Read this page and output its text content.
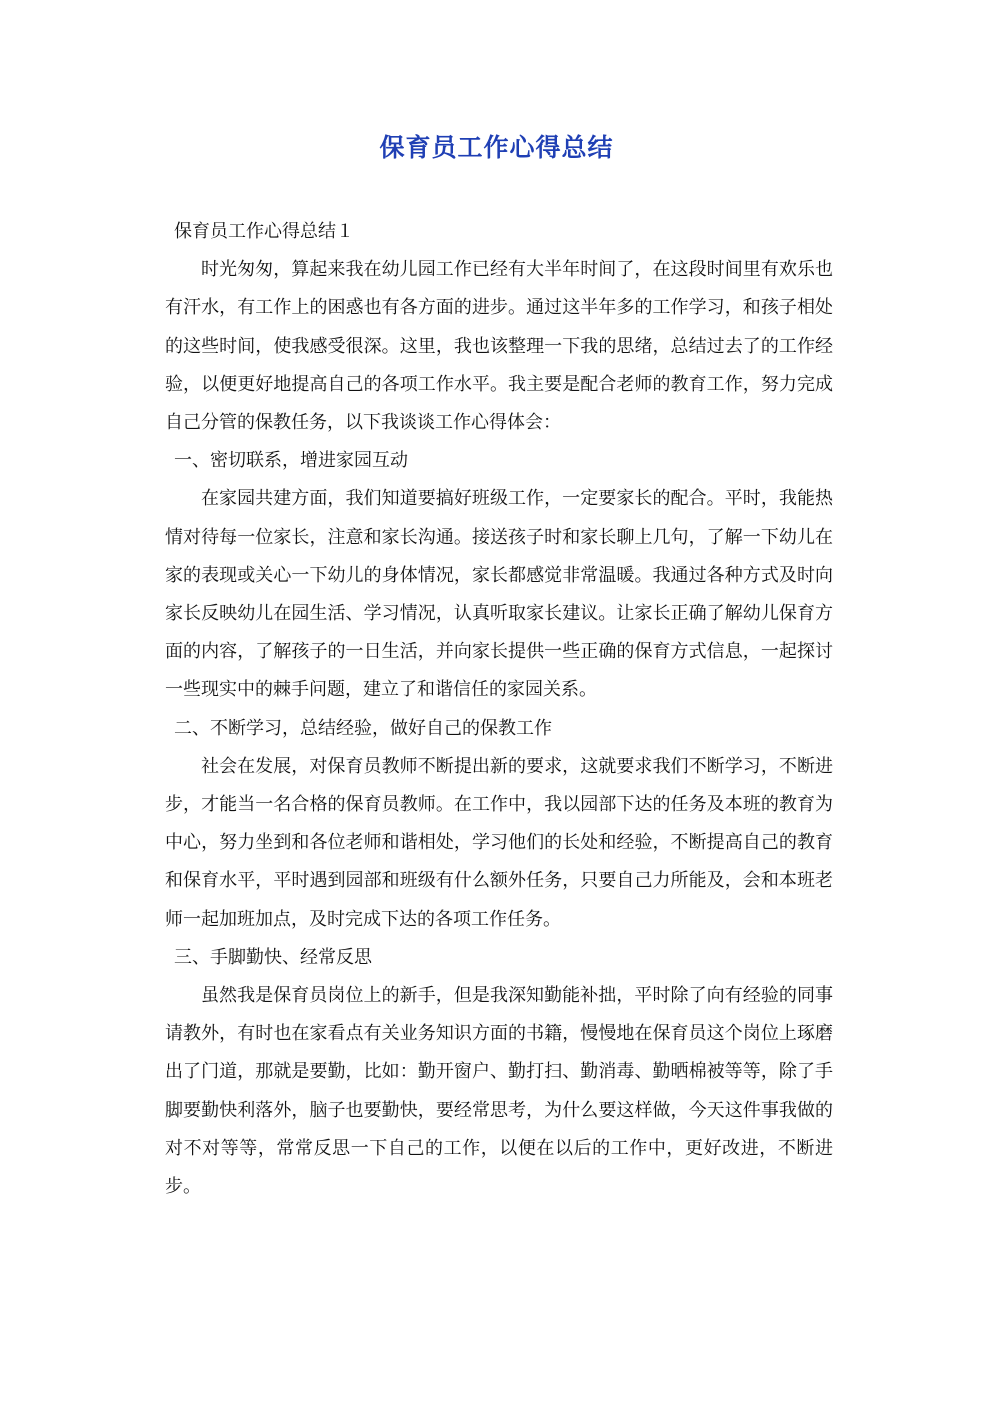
保育员工作心得总结

保育员工作心得总结１

时光匆匆，算起来我在幼儿园工作已经有大半年时间了，在这段时间里有欢乐也有汗水，有工作上的困惑也有各方面的进步。通过这半年多的工作学习，和孩子相处的这些时间，使我感受很深。这里，我也该整理一下我的思绪，总结过去了的工作经验，以便更好地提高自己的各项工作水平。我主要是配合老师的教育工作，努力完成自己分管的保教任务，以下我谈谈工作心得体会：

一、密切联系，增进家园互动

在家园共建方面，我们知道要搞好班级工作，一定要家长的配合。平时，我能热情对待每一位家长，注意和家长沟通。接送孩子时和家长聊上几句，了解一下幼儿在家的表现或关心一下幼儿的身体情况，家长都感觉非常温暖。我通过各种方式及时向家长反映幼儿在园生活、学习情况，认真听取家长建议。让家长正确了解幼儿保育方面的内容，了解孩子的一日生活，并向家长提供一些正确的保育方式信息，一起探讨一些现实中的棘手问题，建立了和谐信任的家园关系。

二、不断学习，总结经验，做好自己的保教工作

社会在发展，对保育员教师不断提出新的要求，这就要求我们不断学习，不断进步，才能当一名合格的保育员教师。在工作中，我以园部下达的任务及本班的教育为中心，努力坐到和各位老师和谐相处，学习他们的长处和经验，不断提高自己的教育和保育水平，平时遇到园部和班级有什么额外任务，只要自己力所能及，会和本班老师一起加班加点，及时完成下达的各项工作任务。

三、手脚勤快、经常反思

虽然我是保育员岗位上的新手，但是我深知勤能补拙，平时除了向有经验的同事请教外，有时也在家看点有关业务知识方面的书籍，慢慢地在保育员这个岗位上琢磨出了门道，那就是要勤，比如：勤开窗户、勤打扫、勤消毒、勤晒棉被等等，除了手脚要勤快利落外，脑子也要勤快，要经常思考，为什么要这样做，今天这件事我做的对不对等等，常常反思一下自己的工作，以便在以后的工作中，更好改进，不断进步。
